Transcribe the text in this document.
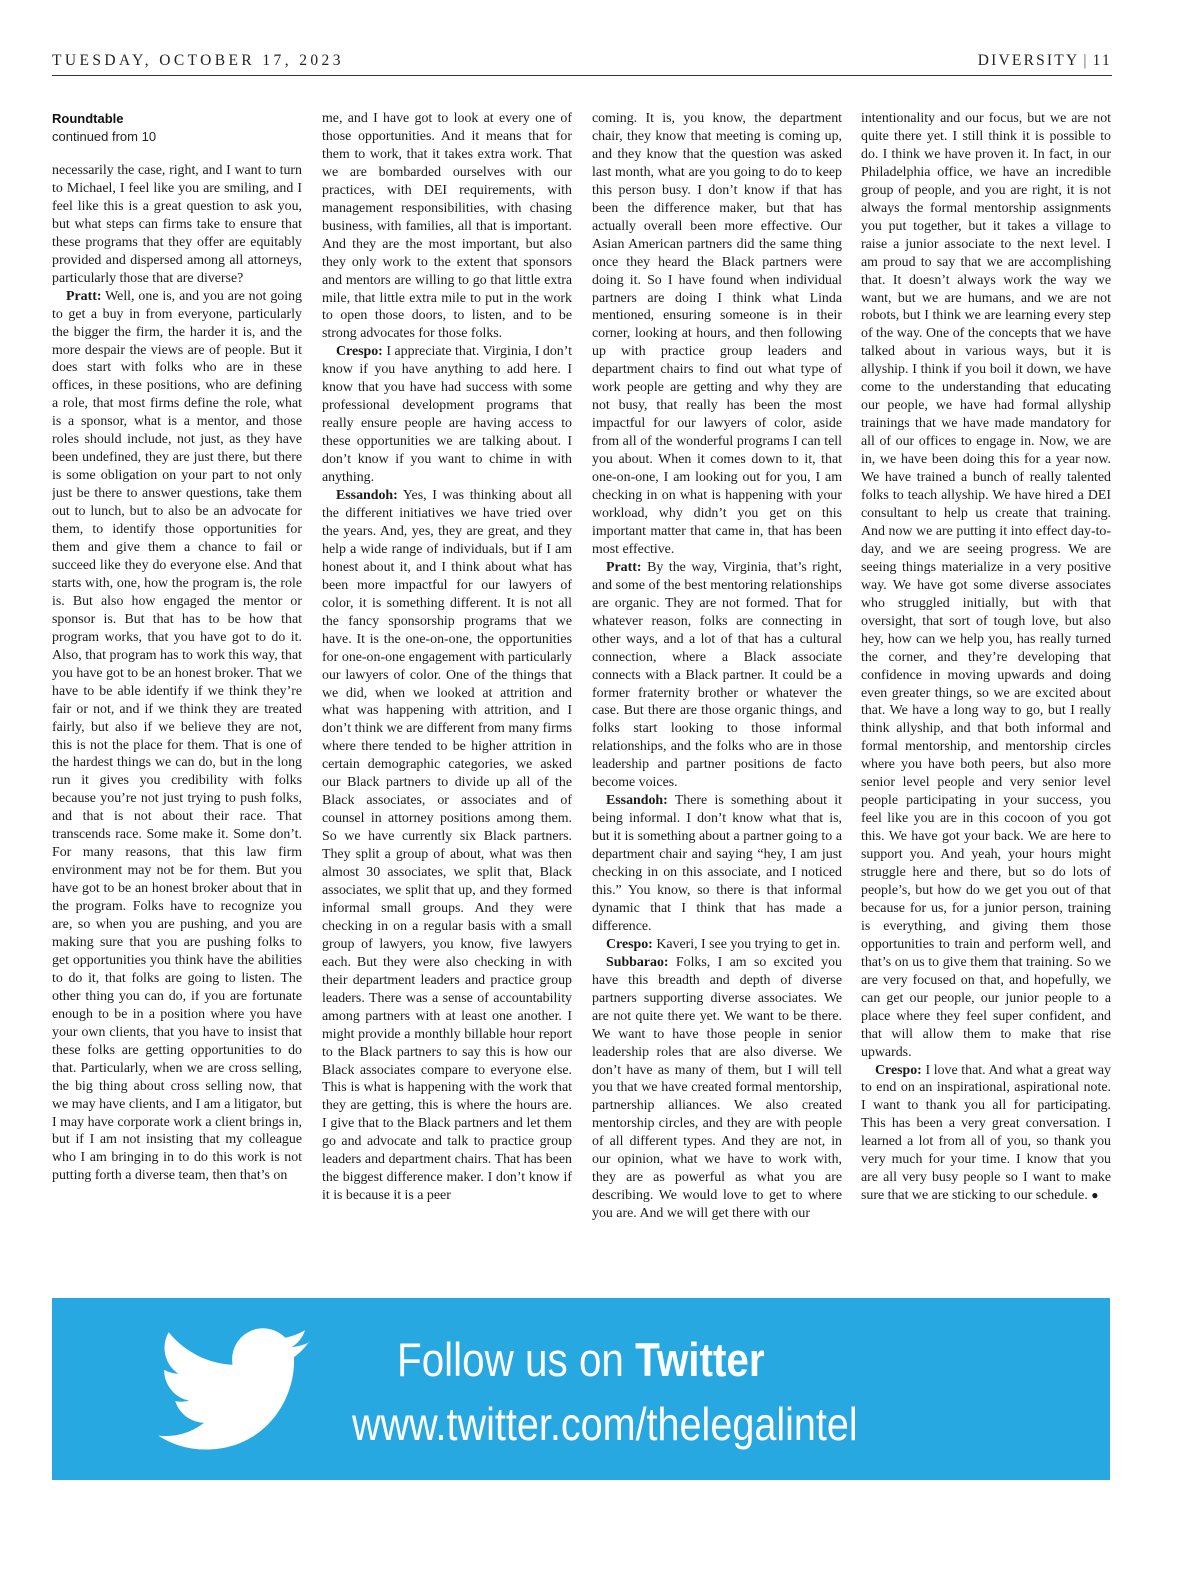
TUESDAY, OCTOBER 17, 2023	DIVERSITY | 11
Roundtable
continued from 10

necessarily the case, right, and I want to turn to Michael, I feel like you are smiling, and I feel like this is a great question to ask you, but what steps can firms take to ensure that these programs that they offer are equitably provided and dispersed among all attorneys, particularly those that are diverse?

Pratt: Well, one is, and you are not going to get a buy in from everyone, particularly the bigger the firm, the harder it is, and the more despair the views are of people. But it does start with folks who are in these offices, in these positions, who are defining a role, that most firms define the role, what is a sponsor, what is a mentor, and those roles should include, not just, as they have been undefined, they are just there, but there is some obligation on your part to not only just be there to answer questions, take them out to lunch, but to also be an advocate for them, to identify those opportunities for them and give them a chance to fail or succeed like they do everyone else. And that starts with, one, how the program is, the role is. But also how engaged the mentor or sponsor is. But that has to be how that program works, that you have got to do it. Also, that program has to work this way, that you have got to be an honest broker. That we have to be able identify if we think they’re fair or not, and if we think they are treated fairly, but also if we believe they are not, this is not the place for them. That is one of the hardest things we can do, but in the long run it gives you credibility with folks because you’re not just trying to push folks, and that is not about their race. That transcends race. Some make it. Some don’t. For many reasons, that this law firm environment may not be for them. But you have got to be an honest broker about that in the program. Folks have to recognize you are, so when you are pushing, and you are making sure that you are pushing folks to get opportunities you think have the abilities to do it, that folks are going to listen. The other thing you can do, if you are fortunate enough to be in a position where you have your own clients, that you have to insist that these folks are getting opportunities to do that. Particularly, when we are cross selling, the big thing about cross selling now, that we may have clients, and I am a litigator, but I may have corporate work a client brings in, but if I am not insisting that my colleague who I am bringing in to do this work is not putting forth a diverse team, then that’s on

me, and I have got to look at every one of those opportunities. And it means that for them to work, that it takes extra work. That we are bombarded ourselves with our practices, with DEI requirements, with management responsibilities, with chasing business, with families, all that is important. And they are the most important, but also they only work to the extent that sponsors and mentors are willing to go that little extra mile, that little extra mile to put in the work to open those doors, to listen, and to be strong advocates for those folks.

Crespo: I appreciate that. Virginia, I don’t know if you have anything to add here. I know that you have had success with some professional development programs that really ensure people are having access to these opportunities we are talking about. I don’t know if you want to chime in with anything.

Essandoh: Yes, I was thinking about all the different initiatives we have tried over the years. And, yes, they are great, and they help a wide range of individuals, but if I am honest about it, and I think about what has been more impactful for our lawyers of color, it is something different. It is not all the fancy sponsorship programs that we have. It is the one-on-one, the opportunities for one-on-one engagement with particularly our lawyers of color. One of the things that we did, when we looked at attrition and what was happening with attrition, and I don’t think we are different from many firms where there tended to be higher attrition in certain demographic categories, we asked our Black partners to divide up all of the Black associates, or associates and of counsel in attorney positions among them. So we have currently six Black partners. They split a group of about, what was then almost 30 associates, we split that, Black associates, we split that up, and they formed informal small groups. And they were checking in on a regular basis with a small group of lawyers, you know, five lawyers each. But they were also checking in with their department leaders and practice group leaders. There was a sense of accountability among partners with at least one another. I might provide a monthly billable hour report to the Black partners to say this is how our Black associates compare to everyone else. This is what is happening with the work that they are getting, this is where the hours are. I give that to the Black partners and let them go and advocate and talk to practice group leaders and department chairs. That has been the biggest difference maker. I don’t know if it is because it is a peer

coming. It is, you know, the department chair, they know that meeting is coming up, and they know that the question was asked last month, what are you going to do to keep this person busy. I don’t know if that has been the difference maker, but that has actually overall been more effective. Our Asian American partners did the same thing once they heard the Black partners were doing it. So I have found when individual partners are doing I think what Linda mentioned, ensuring someone is in their corner, looking at hours, and then following up with practice group leaders and department chairs to find out what type of work people are getting and why they are not busy, that really has been the most impactful for our lawyers of color, aside from all of the wonderful programs I can tell you about. When it comes down to it, that one-on-one, I am looking out for you, I am checking in on what is happening with your workload, why didn’t you get on this important matter that came in, that has been most effective.

Pratt: By the way, Virginia, that’s right, and some of the best mentoring relationships are organic. They are not formed. That for whatever reason, folks are connecting in other ways, and a lot of that has a cultural connection, where a Black associate connects with a Black partner. It could be a former fraternity brother or whatever the case. But there are those organic things, and folks start looking to those informal relationships, and the folks who are in those leadership and partner positions de facto become voices.

Essandoh: There is something about it being informal. I don’t know what that is, but it is something about a partner going to a department chair and saying “hey, I am just checking in on this associate, and I noticed this.” You know, so there is that informal dynamic that I think that has made a difference.

Crespo: Kaveri, I see you trying to get in.

Subbarao: Folks, I am so excited you have this breadth and depth of diverse partners supporting diverse associates. We are not quite there yet. We want to be there. We want to have those people in senior leadership roles that are also diverse. We don’t have as many of them, but I will tell you that we have created formal mentorship, partnership alliances. We also created mentorship circles, and they are with people of all different types. And they are not, in our opinion, what we have to work with, they are as powerful as what you are describing. We would love to get to where you are. And we will get there with our

intentionality and our focus, but we are not quite there yet. I still think it is possible to do. I think we have proven it. In fact, in our Philadelphia office, we have an incredible group of people, and you are right, it is not always the formal mentorship assignments you put together, but it takes a village to raise a junior associate to the next level. I am proud to say that we are accomplishing that. It doesn’t always work the way we want, but we are humans, and we are not robots, but I think we are learning every step of the way. One of the concepts that we have talked about in various ways, but it is allyship. I think if you boil it down, we have come to the understanding that educating our people, we have had formal allyship trainings that we have made mandatory for all of our offices to engage in. Now, we are in, we have been doing this for a year now. We have trained a bunch of really talented folks to teach allyship. We have hired a DEI consultant to help us create that training. And now we are putting it into effect day-to-day, and we are seeing progress. We are seeing things materialize in a very positive way. We have got some diverse associates who struggled initially, but with that oversight, that sort of tough love, but also hey, how can we help you, has really turned the corner, and they’re developing that confidence in moving upwards and doing even greater things, so we are excited about that. We have a long way to go, but I really think allyship, and that both informal and formal mentorship, and mentorship circles where you have both peers, but also more senior level people and very senior level people participating in your success, you feel like you are in this cocoon of you got this. We have got your back. We are here to support you. And yeah, your hours might struggle here and there, but so do lots of people’s, but how do we get you out of that because for us, for a junior person, training is everything, and giving them those opportunities to train and perform well, and that’s on us to give them that training. So we are very focused on that, and hopefully, we can get our people, our junior people to a place where they feel super confident, and that will allow them to make that rise upwards.

Crespo: I love that. And what a great way to end on an inspirational, aspirational note. I want to thank you all for participating. This has been a very great conversation. I learned a lot from all of you, so thank you very much for your time. I know that you are all very busy people so I want to make sure that we are sticking to our schedule. ●

Follow us on Twitter
www.twitter.com/thelegalintel
